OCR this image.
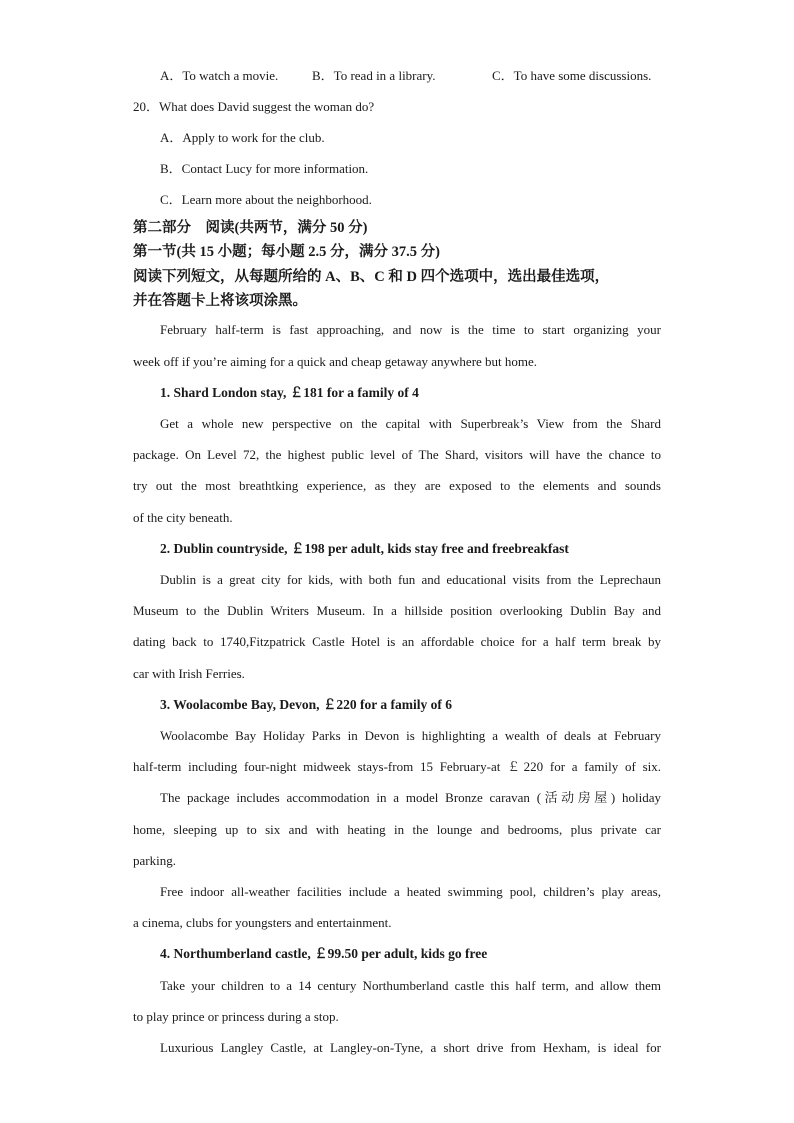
A．To watch a movie.	B．To read in a library.	C．To have some discussions.
20．What does David suggest the woman do?
A．Apply to work for the club.
B．Contact Lucy for more information.
C．Learn more about the neighborhood.
第二部分　阅读(共两节，满分 50 分)
第一节(共 15 小题；每小题 2.5 分，满分 37.5 分)
阅读下列短文，从每题所给的 A、B、C 和 D 四个选项中，选出最佳选项，
并在答题卡上将该项涂黑。
February half-term is fast approaching, and now is the time to start organizing your
week off if you’re aiming for a quick and cheap getaway anywhere but home.
1. Shard London stay, ￡181 for a family of 4
Get a whole new perspective on the capital with Superbreak’s View from the Shard
package. On Level 72, the highest public level of The Shard, visitors will have the chance to
try out the most breathtking experience, as they are exposed to the elements and sounds
of the city beneath.
2. Dublin countryside, ￡198 per adult, kids stay free and freebreakfast
Dublin is a great city for kids, with both fun and educational visits from the Leprechaun
Museum to the Dublin Writers Museum. In a hillside position overlooking Dublin Bay and
dating back to 1740,Fitzpatrick Castle Hotel is an affordable choice for a half term break by
car with Irish Ferries.
3. Woolacombe Bay, Devon, ￡220 for a family of 6
Woolacombe Bay Holiday Parks in Devon is highlighting a wealth of deals at February
half-term including four-night midweek stays-from 15 February-at ￡220 for a family of six.
The package includes accommodation in a model Bronze caravan (活动房屋) holiday
home, sleeping up to six and with heating in the lounge and bedrooms, plus private car
parking.
Free indoor all-weather facilities include a heated swimming pool, children’s play areas,
a cinema, clubs for youngsters and entertainment.
4. Northumberland castle, ￡99.50 per adult, kids go free
Take your children to a 14 century Northumberland castle this half term, and allow them
to play prince or princess during a stop.
Luxurious Langley Castle, at Langley-on-Tyne, a short drive from Hexham, is ideal for
